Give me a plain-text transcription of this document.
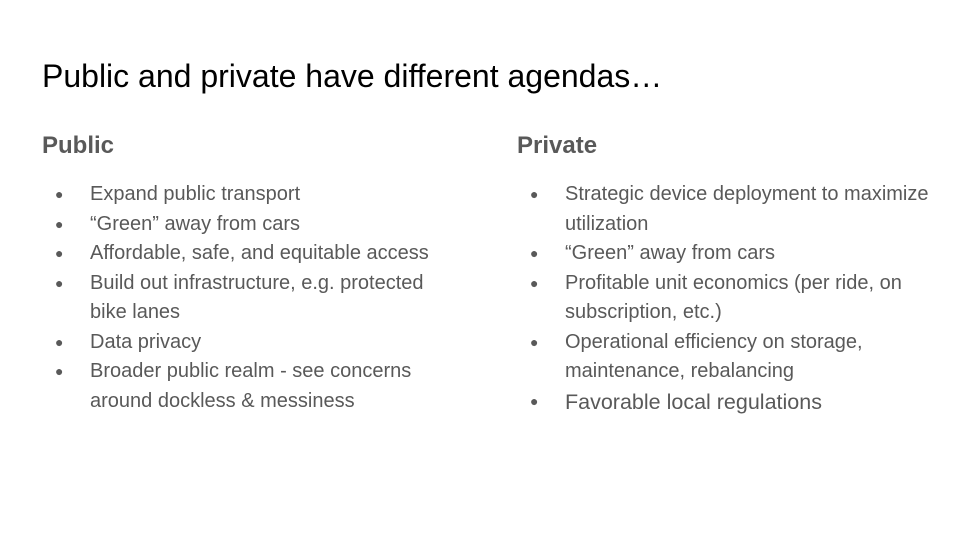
Public and private have different agendas…
Public
● Expand public transport
● “Green” away from cars
● Affordable, safe, and equitable access
● Build out infrastructure, e.g. protected bike lanes
● Data privacy
● Broader public realm - see concerns around dockless & messiness
Private
● Strategic device deployment to maximize utilization
● “Green” away from cars
● Profitable unit economics (per ride, on subscription, etc.)
● Operational efficiency on storage, maintenance, rebalancing
● Favorable local regulations
